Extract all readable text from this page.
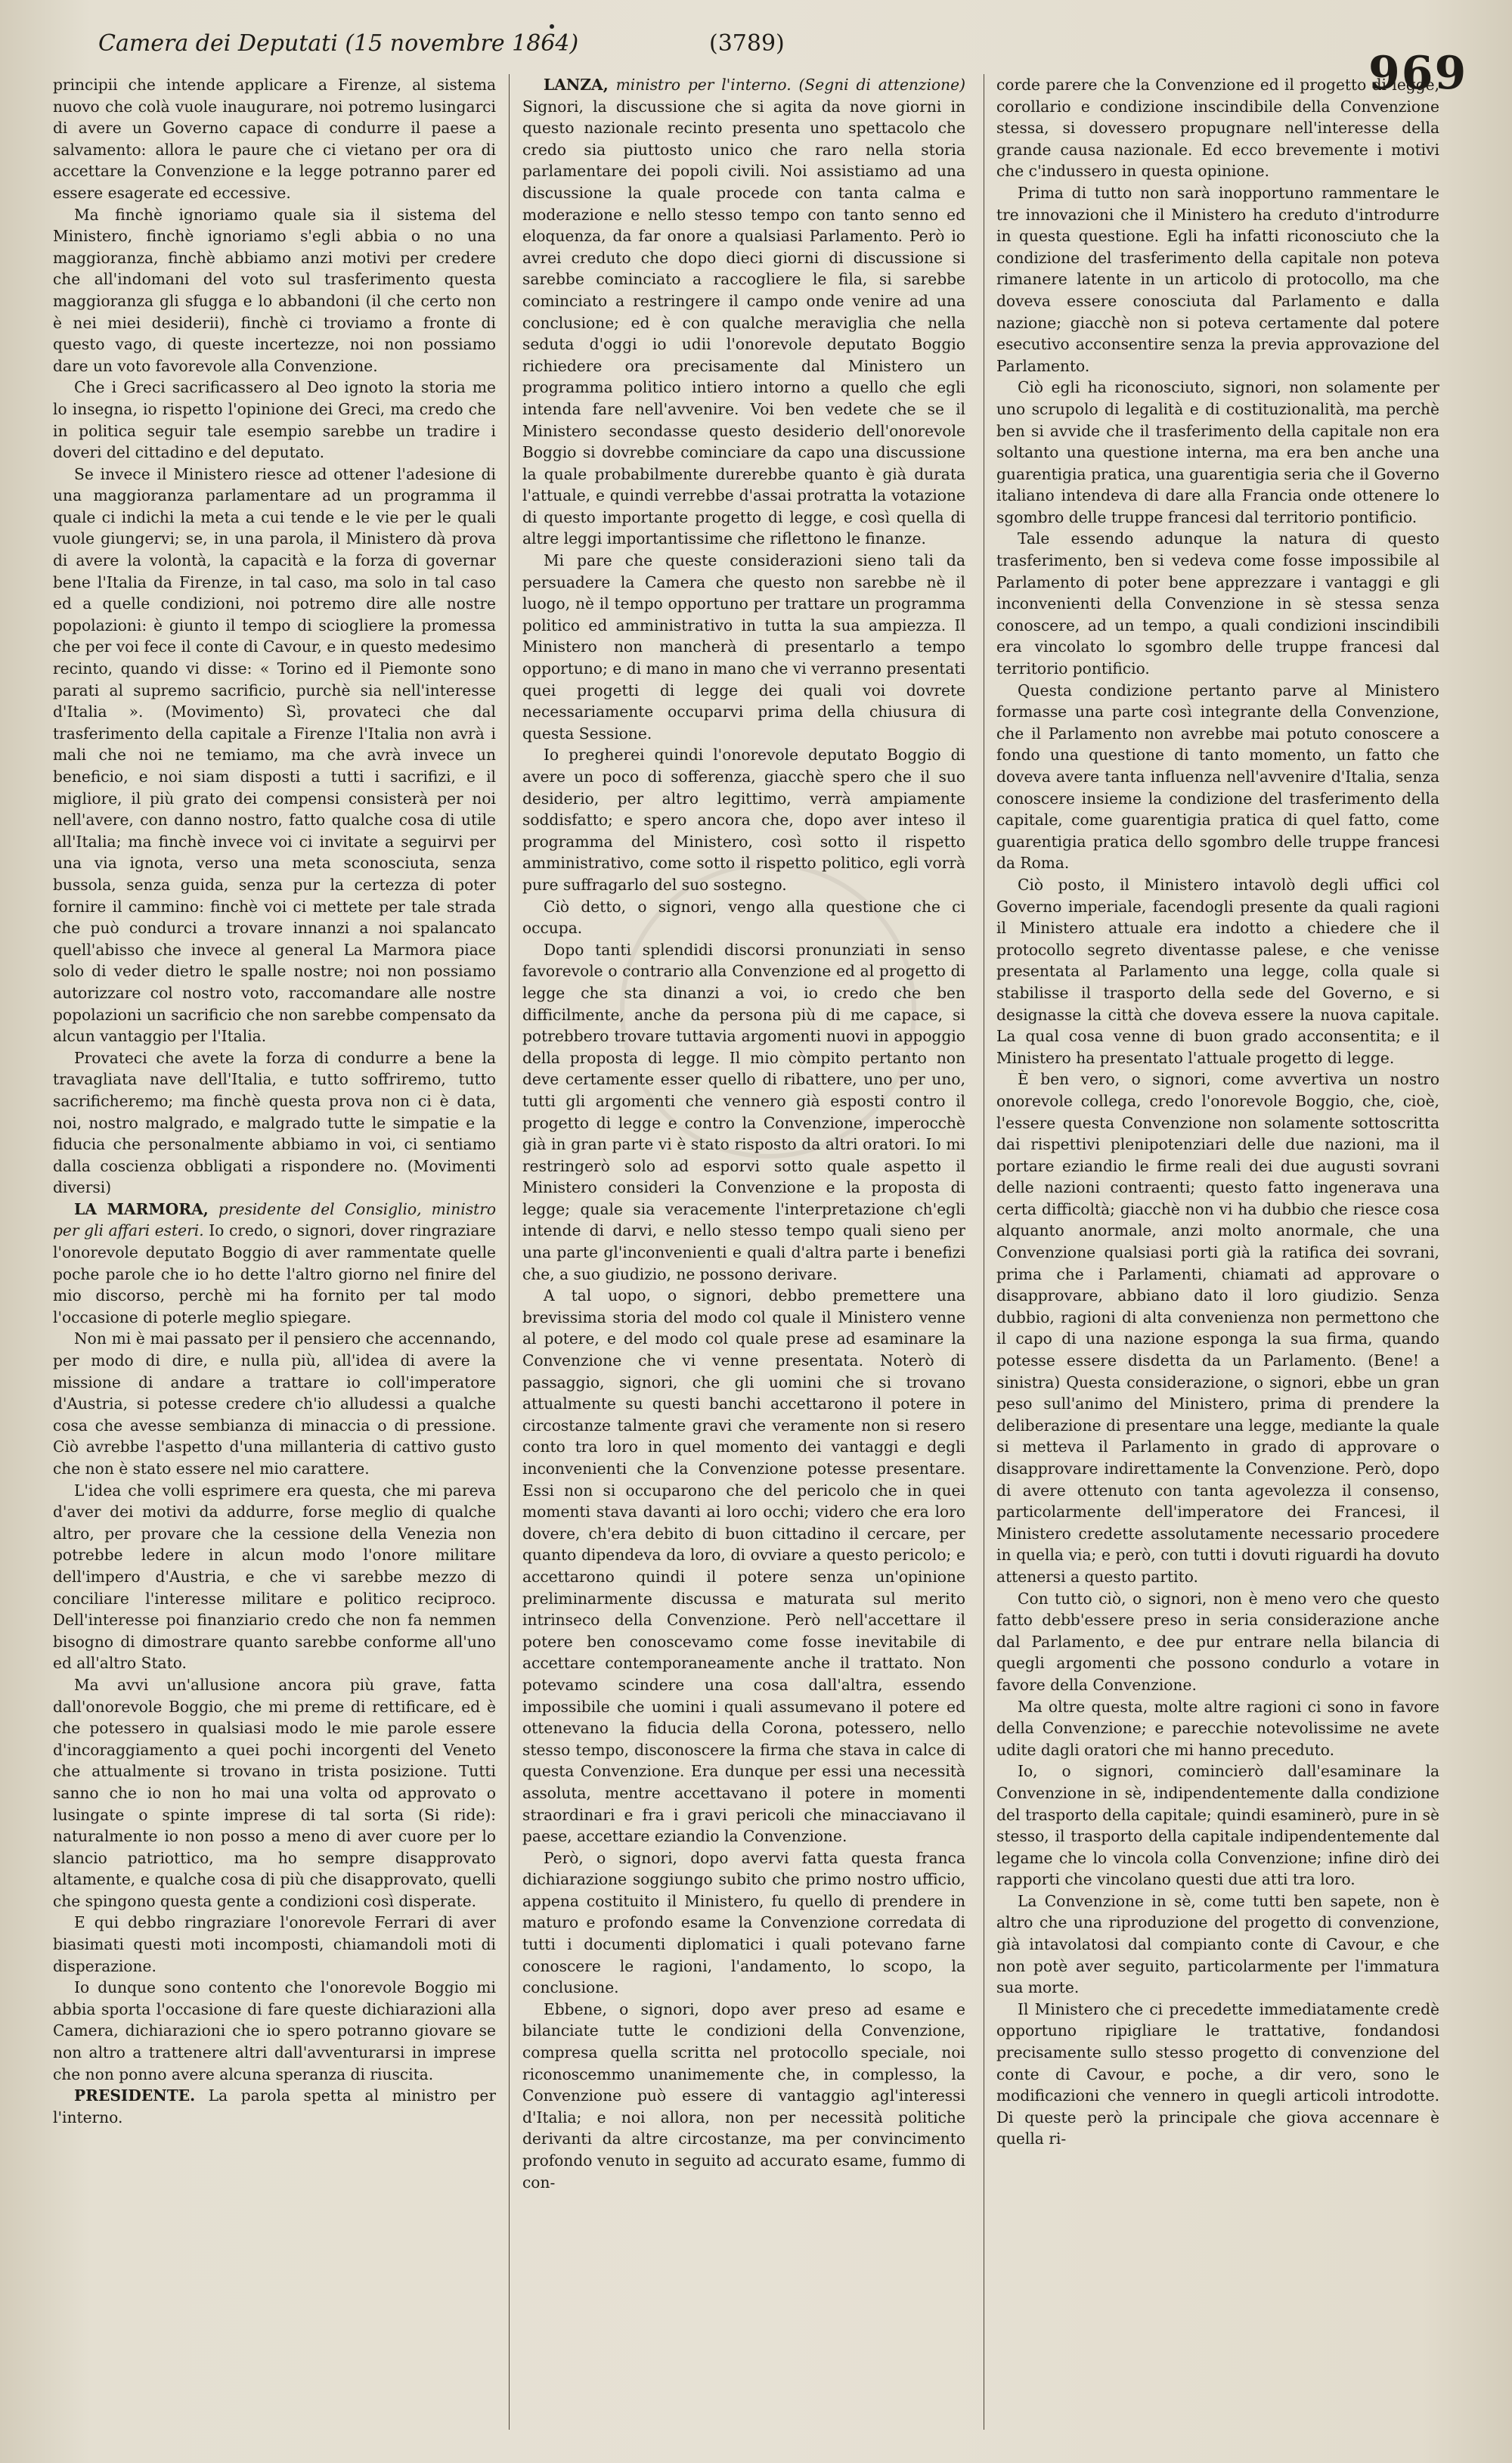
Camera dei Deputati (15 novembre 1864)	(3789)
969

principii che intende applicare a Firenze, al sistema nuovo che colà vuole inaugurare, noi potremo lusingarci di avere un Governo capace di condurre il paese a salvamento: allora le paure che ci vietano per ora di accettare la Convenzione e la legge potranno parer ed essere esagerate ed eccessive.

Ma finchè ignoriamo quale sia il sistema del Ministero, finchè ignoriamo s'egli abbia o no una maggioranza, finchè abbiamo anzi motivi per credere che all'indomani del voto sul trasferimento questa maggioranza gli sfugga e lo abbandoni (il che certo non è nei miei desiderii), finchè ci troviamo a fronte di questo vago, di queste incertezze, noi non possiamo dare un voto favorevole alla Convenzione.

Che i Greci sacrificassero al Deo ignoto la storia me lo insegna, io rispetto l'opinione dei Greci, ma credo che in politica seguir tale esempio sarebbe un tradire i doveri del cittadino e del deputato.

Se invece il Ministero riesce ad ottener l'adesione di una maggioranza parlamentare ad un programma il quale ci indichi la meta a cui tende e le vie per le quali vuole giungervi; se, in una parola, il Ministero dà prova di avere la volontà, la capacità e la forza di governar bene l'Italia da Firenze, in tal caso, ma solo in tal caso ed a quelle condizioni, noi potremo dire alle nostre popolazioni: è giunto il tempo di sciogliere la promessa che per voi fece il conte di Cavour, e in questo medesimo recinto, quando vi disse: « Torino ed il Piemonte sono parati al supremo sacrificio, purchè sia nell'interesse d'Italia ». (Movimento) Sì, provateci che dal trasferimento della capitale a Firenze l'Italia non avrà i mali che noi ne temiamo, ma che avrà invece un beneficio, e noi siam disposti a tutti i sacrifizi, e il migliore, il più grato dei compensi consisterà per noi nell'avere, con danno nostro, fatto qualche cosa di utile all'Italia; ma finchè invece voi ci invitate a seguirvi per una via ignota, verso una meta sconosciuta, senza bussola, senza guida, senza pur la certezza di poter fornire il cammino: finchè voi ci mettete per tale strada che può condurci a trovare innanzi a noi spalancato quell'abisso che invece al general La Marmora piace solo di veder dietro le spalle nostre; noi non possiamo autorizzare col nostro voto, raccomandare alle nostre popolazioni un sacrificio che non sarebbe compensato da alcun vantaggio per l'Italia.

Provateci che avete la forza di condurre a bene la travagliata nave dell'Italia, e tutto soffriremo, tutto sacrificheremo; ma finchè questa prova non ci è data, noi, nostro malgrado, e malgrado tutte le simpatie e la fiducia che personalmente abbiamo in voi, ci sentiamo dalla coscienza obbligati a rispondere no. (Movimenti diversi)

LA MARMORA, presidente del Consiglio, ministro per gli affari esteri. Io credo, o signori, dover ringraziare l'onorevole deputato Boggio di aver rammentate quelle poche parole che io ho dette l'altro giorno nel finire del mio discorso, perchè mi ha fornito per tal modo l'occasione di poterle meglio spiegare.

Non mi è mai passato per il pensiero che accennando, per modo di dire, e nulla più, all'idea di avere la missione di andare a trattare io coll'imperatore d'Austria, si potesse credere ch'io alludessi a qualche cosa che avesse sembianza di minaccia o di pressione. Ciò avrebbe l'aspetto d'una millanteria di cattivo gusto che non è stato essere nel mio carattere.

L'idea che volli esprimere era questa, che mi pareva d'aver dei motivi da addurre, forse meglio di qualche altro, per provare che la cessione della Venezia non potrebbe ledere in alcun modo l'onore militare dell'impero d'Austria, e che vi sarebbe mezzo di conciliare l'interesse militare e politico reciproco. Dell'interesse poi finanziario credo che non fa nemmen bisogno di dimostrare quanto sarebbe conforme all'uno ed all'altro Stato.

Ma avvi un'allusione ancora più grave, fatta dall'onorevole Boggio, che mi preme di rettificare, ed è che potessero in qualsiasi modo le mie parole essere d'incoraggiamento a quei pochi incorgenti del Veneto che attualmente si trovano in trista posizione. Tutti sanno che io non ho mai una volta od approvato o lusingate o spinte imprese di tal sorta (Si ride): naturalmente io non posso a meno di aver cuore per lo slancio patriottico, ma ho sempre disapprovato altamente, e qualche cosa di più che disapprovato, quelli che spingono questa gente a condizioni così disperate.

E qui debbo ringraziare l'onorevole Ferrari di aver biasimati questi moti incomposti, chiamandoli moti di disperazione.

Io dunque sono contento che l'onorevole Boggio mi abbia sporta l'occasione di fare queste dichiarazioni alla Camera, dichiarazioni che io spero potranno giovare se non altro a trattenere altri dall'avventurarsi in imprese che non ponno avere alcuna speranza di riuscita.

PRESIDENTE. La parola spetta al ministro per l'interno.

LANZA, ministro per l'interno. (Segni di attenzione) Signori, la discussione che si agita da nove giorni in questo nazionale recinto presenta uno spettacolo che credo sia piuttosto unico che raro nella storia parlamentare dei popoli civili. Noi assistiamo ad una discussione la quale procede con tanta calma e moderazione e nello stesso tempo con tanto senno ed eloquenza, da far onore a qualsiasi Parlamento. Però io avrei creduto che dopo dieci giorni di discussione si sarebbe cominciato a raccogliere le fila, si sarebbe cominciato a restringere il campo onde venire ad una conclusione; ed è con qualche meraviglia che nella seduta d'oggi io udii l'onorevole deputato Boggio richiedere ora precisamente dal Ministero un programma politico intiero intorno a quello che egli intenda fare nell'avvenire. Voi ben vedete che se il Ministero secondasse questo desiderio dell'onorevole Boggio si dovrebbe cominciare da capo una discussione la quale probabilmente durerebbe quanto è già durata l'attuale, e quindi verrebbe d'assai protratta la votazione di questo importante progetto di legge, e così quella di altre leggi importantissime che riflettono le finanze.

Mi pare che queste considerazioni sieno tali da persuadere la Camera che questo non sarebbe nè il luogo, nè il tempo opportuno per trattare un programma politico ed amministrativo in tutta la sua ampiezza. Il Ministero non mancherà di presentarlo a tempo opportuno; e di mano in mano che vi verranno presentati quei progetti di legge dei quali voi dovrete necessariamente occuparvi prima della chiusura di questa Sessione.

Io pregherei quindi l'onorevole deputato Boggio di avere un poco di sofferenza, giacchè spero che il suo desiderio, per altro legittimo, verrà ampiamente soddisfatto; e spero ancora che, dopo aver inteso il programma del Ministero, così sotto il rispetto amministrativo, come sotto il rispetto politico, egli vorrà pure suffragarlo del suo sostegno.

Ciò detto, o signori, vengo alla questione che ci occupa.

Dopo tanti splendidi discorsi pronunziati in senso favorevole o contrario alla Convenzione ed al progetto di legge che sta dinanzi a voi, io credo che ben difficilmente, anche da persona più di me capace, si potrebbero trovare tuttavia argomenti nuovi in appoggio della proposta di legge. Il mio còmpito pertanto non deve certamente esser quello di ribattere, uno per uno, tutti gli argomenti che vennero già esposti contro il progetto di legge e contro la Convenzione, imperocchè già in gran parte vi è stato risposto da altri oratori. Io mi restringerò solo ad esporvi sotto quale aspetto il Ministero consideri la Convenzione e la proposta di legge; quale sia veracemente l'interpretazione ch'egli intende di darvi, e nello stesso tempo quali sieno per una parte gl'inconvenienti e quali d'altra parte i benefizi che, a suo giudizio, ne possono derivare.

A tal uopo, o signori, debbo premettere una brevissima storia del modo col quale il Ministero venne al potere, e del modo col quale prese ad esaminare la Convenzione che vi venne presentata. Noterò di passaggio, signori, che gli uomini che si trovano attualmente su questi banchi accettarono il potere in circostanze talmente gravi che veramente non si resero conto tra loro in quel momento dei vantaggi e degli inconvenienti che la Convenzione potesse presentare. Essi non si occuparono che del pericolo che in quei momenti stava davanti ai loro occhi; videro che era loro dovere, ch'era debito di buon cittadino il cercare, per quanto dipendeva da loro, di ovviare a questo pericolo; e accettarono quindi il potere senza un'opinione preliminarmente discussa e maturata sul merito intrinseco della Convenzione. Però nell'accettare il potere ben conoscevamo come fosse inevitabile di accettare contemporaneamente anche il trattato. Non potevamo scindere una cosa dall'altra, essendo impossibile che uomini i quali assumevano il potere ed ottenevano la fiducia della Corona, potessero, nello stesso tempo, disconoscere la firma che stava in calce di questa Convenzione. Era dunque per essi una necessità assoluta, mentre accettavano il potere in momenti straordinari e fra i gravi pericoli che minacciavano il paese, accettare eziandio la Convenzione.

Però, o signori, dopo avervi fatta questa franca dichiarazione soggiungo subito che primo nostro ufficio, appena costituito il Ministero, fu quello di prendere in maturo e profondo esame la Convenzione corredata di tutti i documenti diplomatici i quali potevano farne conoscere le ragioni, l'andamento, lo scopo, la conclusione.

Ebbene, o signori, dopo aver preso ad esame e bilanciate tutte le condizioni della Convenzione, compresa quella scritta nel protocollo speciale, noi riconoscemmo unanimemente che, in complesso, la Convenzione può essere di vantaggio agl'interessi d'Italia; e noi allora, non per necessità politiche derivanti da altre circostanze, ma per convincimento profondo venuto in seguito ad accurato esame, fummo di con-

corde parere che la Convenzione ed il progetto di legge, corollario e condizione inscindibile della Convenzione stessa, si dovessero propugnare nell'interesse della grande causa nazionale. Ed ecco brevemente i motivi che c'indussero in questa opinione.

Prima di tutto non sarà inopportuno rammentare le tre innovazioni che il Ministero ha creduto d'introdurre in questa questione. Egli ha infatti riconosciuto che la condizione del trasferimento della capitale non poteva rimanere latente in un articolo di protocollo, ma che doveva essere conosciuta dal Parlamento e dalla nazione; giacchè non si poteva certamente dal potere esecutivo acconsentire senza la previa approvazione del Parlamento.

Ciò egli ha riconosciuto, signori, non solamente per uno scrupolo di legalità e di costituzionalità, ma perchè ben si avvide che il trasferimento della capitale non era soltanto una questione interna, ma era ben anche una guarentigia pratica, una guarentigia seria che il Governo italiano intendeva di dare alla Francia onde ottenere lo sgombro delle truppe francesi dal territorio pontificio.

Tale essendo adunque la natura di questo trasferimento, ben si vedeva come fosse impossibile al Parlamento di poter bene apprezzare i vantaggi e gli inconvenienti della Convenzione in sè stessa senza conoscere, ad un tempo, a quali condizioni inscindibili era vincolato lo sgombro delle truppe francesi dal territorio pontificio.

Questa condizione pertanto parve al Ministero formasse una parte così integrante della Convenzione, che il Parlamento non avrebbe mai potuto conoscere a fondo una questione di tanto momento, un fatto che doveva avere tanta influenza nell'avvenire d'Italia, senza conoscere insieme la condizione del trasferimento della capitale, come guarentigia pratica di quel fatto, come guarentigia pratica dello sgombro delle truppe francesi da Roma.

Ciò posto, il Ministero intavolò degli uffici col Governo imperiale, facendogli presente da quali ragioni il Ministero attuale era indotto a chiedere che il protocollo segreto diventasse palese, e che venisse presentata al Parlamento una legge, colla quale si stabilisse il trasporto della sede del Governo, e si designasse la città che doveva essere la nuova capitale. La qual cosa venne di buon grado acconsentita; e il Ministero ha presentato l'attuale progetto di legge.

È ben vero, o signori, come avvertiva un nostro onorevole collega, credo l'onorevole Boggio, che, cioè, l'essere questa Convenzione non solamente sottoscritta dai rispettivi plenipotenziari delle due nazioni, ma il portare eziandio le firme reali dei due augusti sovrani delle nazioni contraenti; questo fatto ingenerava una certa difficoltà; giacchè non vi ha dubbio che riesce cosa alquanto anormale, anzi molto anormale, che una Convenzione qualsiasi porti già la ratifica dei sovrani, prima che i Parlamenti, chiamati ad approvare o disapprovare, abbiano dato il loro giudizio. Senza dubbio, ragioni di alta convenienza non permettono che il capo di una nazione esponga la sua firma, quando potesse essere disdetta da un Parlamento. (Bene! a sinistra) Questa considerazione, o signori, ebbe un gran peso sull'animo del Ministero, prima di prendere la deliberazione di presentare una legge, mediante la quale si metteva il Parlamento in grado di approvare o disapprovare indirettamente la Convenzione. Però, dopo di avere ottenuto con tanta agevolezza il consenso, particolarmente dell'imperatore dei Francesi, il Ministero credette assolutamente necessario procedere in quella via; e però, con tutti i dovuti riguardi ha dovuto attenersi a questo partito.

Con tutto ciò, o signori, non è meno vero che questo fatto debb'essere preso in seria considerazione anche dal Parlamento, e dee pur entrare nella bilancia di quegli argomenti che possono condurlo a votare in favore della Convenzione.

Ma oltre questa, molte altre ragioni ci sono in favore della Convenzione; e parecchie notevolissime ne avete udite dagli oratori che mi hanno preceduto.

Io, o signori, comincierò dall'esaminare la Convenzione in sè, indipendentemente dalla condizione del trasporto della capitale; quindi esaminerò, pure in sè stesso, il trasporto della capitale indipendentemente dal legame che lo vincola colla Convenzione; infine dirò dei rapporti che vincolano questi due atti tra loro.

La Convenzione in sè, come tutti ben sapete, non è altro che una riproduzione del progetto di convenzione, già intavolatosi dal compianto conte di Cavour, e che non potè aver seguito, particolarmente per l'immatura sua morte.

Il Ministero che ci precedette immediatamente credè opportuno ripigliare le trattative, fondandosi precisamente sullo stesso progetto di convenzione del conte di Cavour, e poche, a dir vero, sono le modificazioni che vennero in quegli articoli introdotte. Di queste però la principale che giova accennare è quella ri-
